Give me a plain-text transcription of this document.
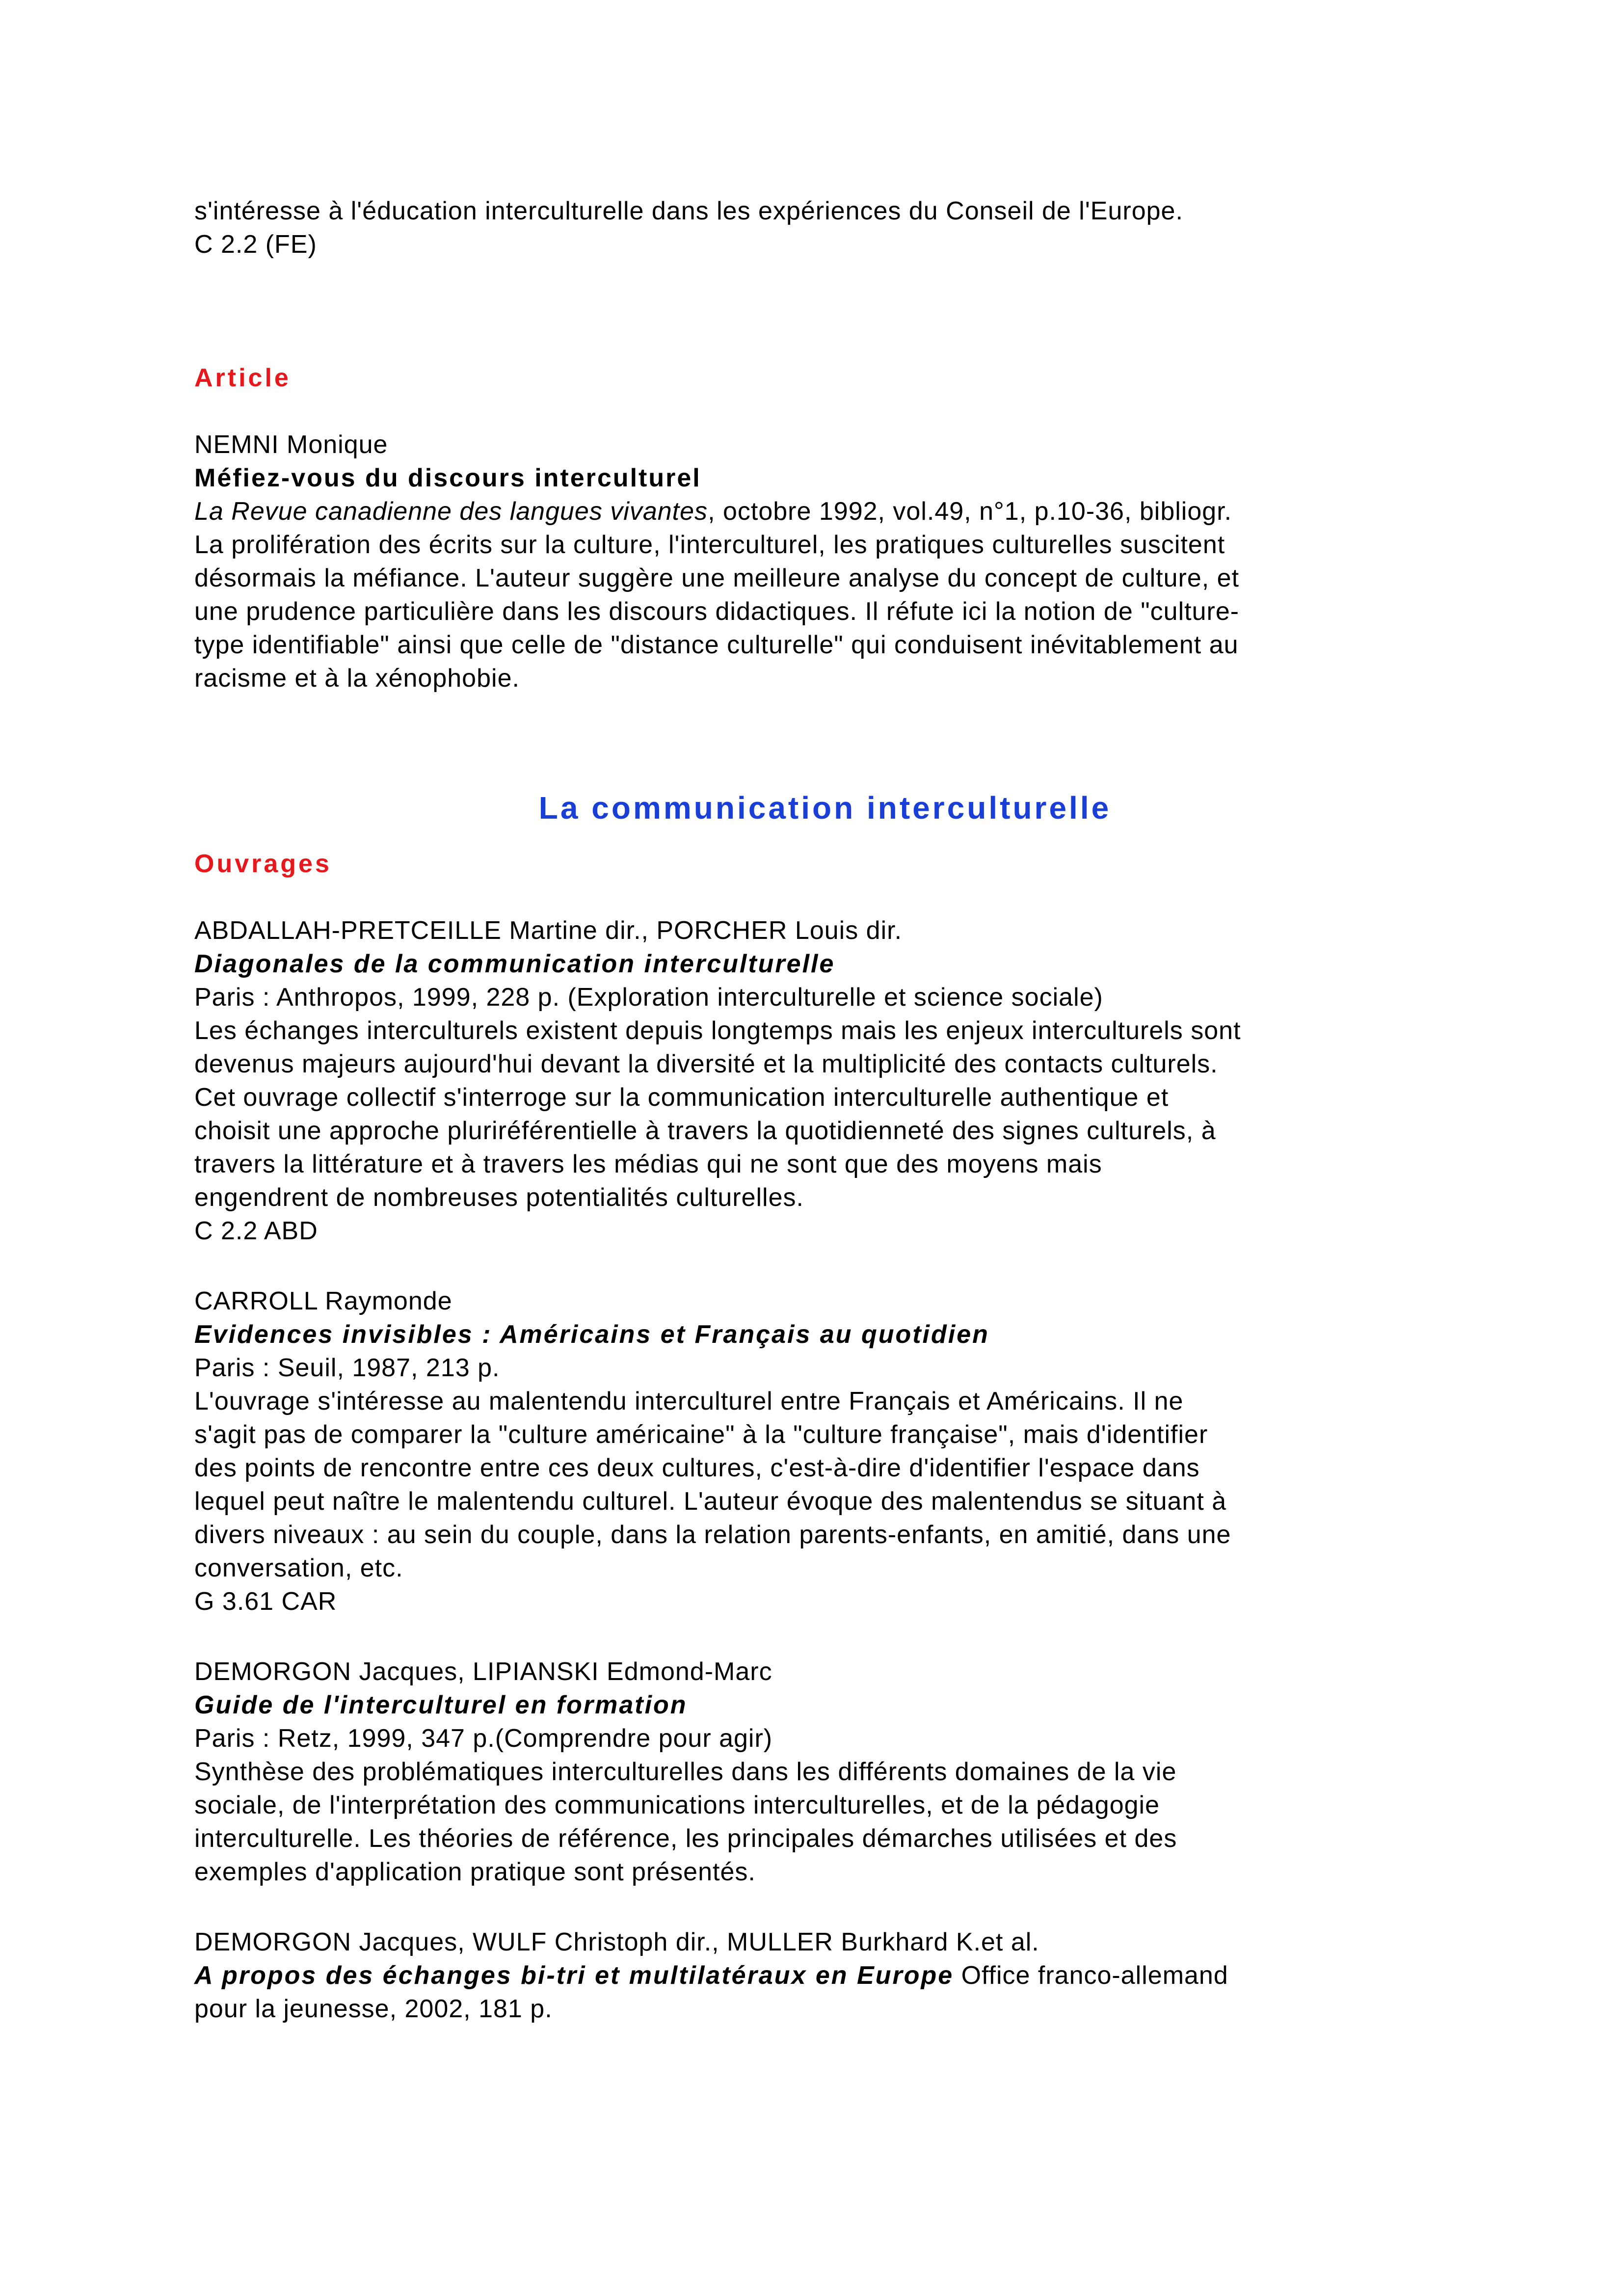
s'intéresse à l'éducation interculturelle dans les expériences du Conseil de l'Europe.
C 2.2 (FE)
Article
NEMNI Monique
Méfiez-vous du discours interculturel
La Revue canadienne des langues vivantes, octobre 1992, vol.49, n°1, p.10-36, bibliogr.
La prolifération des écrits sur la culture, l'interculturel, les pratiques culturelles suscitent
désormais la méfiance. L'auteur suggère une meilleure analyse du concept de culture, et
une prudence particulière dans les discours didactiques. Il réfute ici la notion de "culture-
type identifiable" ainsi que celle de "distance culturelle" qui conduisent inévitablement au
racisme et à la xénophobie.
La communication interculturelle
Ouvrages
ABDALLAH-PRETCEILLE Martine dir., PORCHER Louis dir.
Diagonales de la communication interculturelle
Paris : Anthropos, 1999, 228 p. (Exploration interculturelle et science sociale)
Les échanges interculturels existent depuis longtemps mais les enjeux interculturels sont
devenus majeurs aujourd'hui devant la diversité et la multiplicité des contacts culturels.
Cet ouvrage collectif s'interroge sur la communication interculturelle authentique et
choisit une approche pluriréférentielle à travers la quotidienneté des signes culturels, à
travers la littérature et à travers les médias qui ne sont que des moyens mais
engendrent de nombreuses potentialités culturelles.
C 2.2 ABD
CARROLL Raymonde
Evidences invisibles : Américains et Français au quotidien
Paris : Seuil, 1987, 213 p.
L'ouvrage s'intéresse au malentendu interculturel entre Français et Américains. Il ne
s'agit pas de comparer la "culture américaine" à la "culture française", mais d'identifier
des points de rencontre entre ces deux cultures, c'est-à-dire d'identifier l'espace dans
lequel peut naître le malentendu culturel. L'auteur évoque des malentendus se situant à
divers niveaux : au sein du couple, dans la relation parents-enfants, en amitié, dans une
conversation, etc.
G 3.61 CAR
DEMORGON Jacques, LIPIANSKI Edmond-Marc
Guide de l'interculturel en formation
Paris : Retz, 1999, 347 p.(Comprendre pour agir)
Synthèse des problématiques interculturelles dans les différents domaines de la vie
sociale, de l'interprétation des communications interculturelles, et de la pédagogie
interculturelle. Les théories de référence, les principales démarches utilisées et des
exemples d'application pratique sont présentés.
DEMORGON Jacques, WULF Christoph dir., MULLER Burkhard K.et al.
A propos des échanges bi-tri et multilatéraux en Europe Office franco-allemand
pour la jeunesse, 2002, 181 p.
